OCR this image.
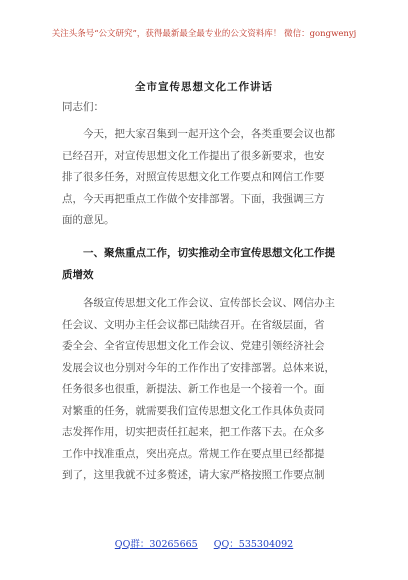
关注头条号“公文研究”，获得最新最全最专业的公文资料库！ 微信：gongwenyj
全市宣传思想文化工作讲话
同志们：
今天，把大家召集到一起开这个会，各类重要会议也都
已经召开，对宣传思想文化工作提出了很多新要求，也安
排了很多任务，对照宣传思想文化工作要点和网信工作要
点，今天再把重点工作做个安排部署。下面，我强调三方
面的意见。
一、聚焦重点工作，切实推动全市宣传思想文化工作提
质增效
各级宣传思想文化工作会议、宣传部长会议、网信办主
任会议、文明办主任会议都已陆续召开。在省级层面，省
委全会、全省宣传思想文化工作会议、党建引领经济社会
发展会议也分别对今年的工作作出了安排部署。总体来说，
任务很多也很重，新提法、新工作也是一个接着一个。面
对繁重的任务，就需要我们宣传思想文化工作具体负责同
志发挥作用，切实把责任扛起来，把工作落下去。在众多
工作中找准重点，突出亮点。常规工作在要点里已经都提
到了，这里我就不过多赘述，请大家严格按照工作要点制
QQ群：30265665 QQ：535304092
